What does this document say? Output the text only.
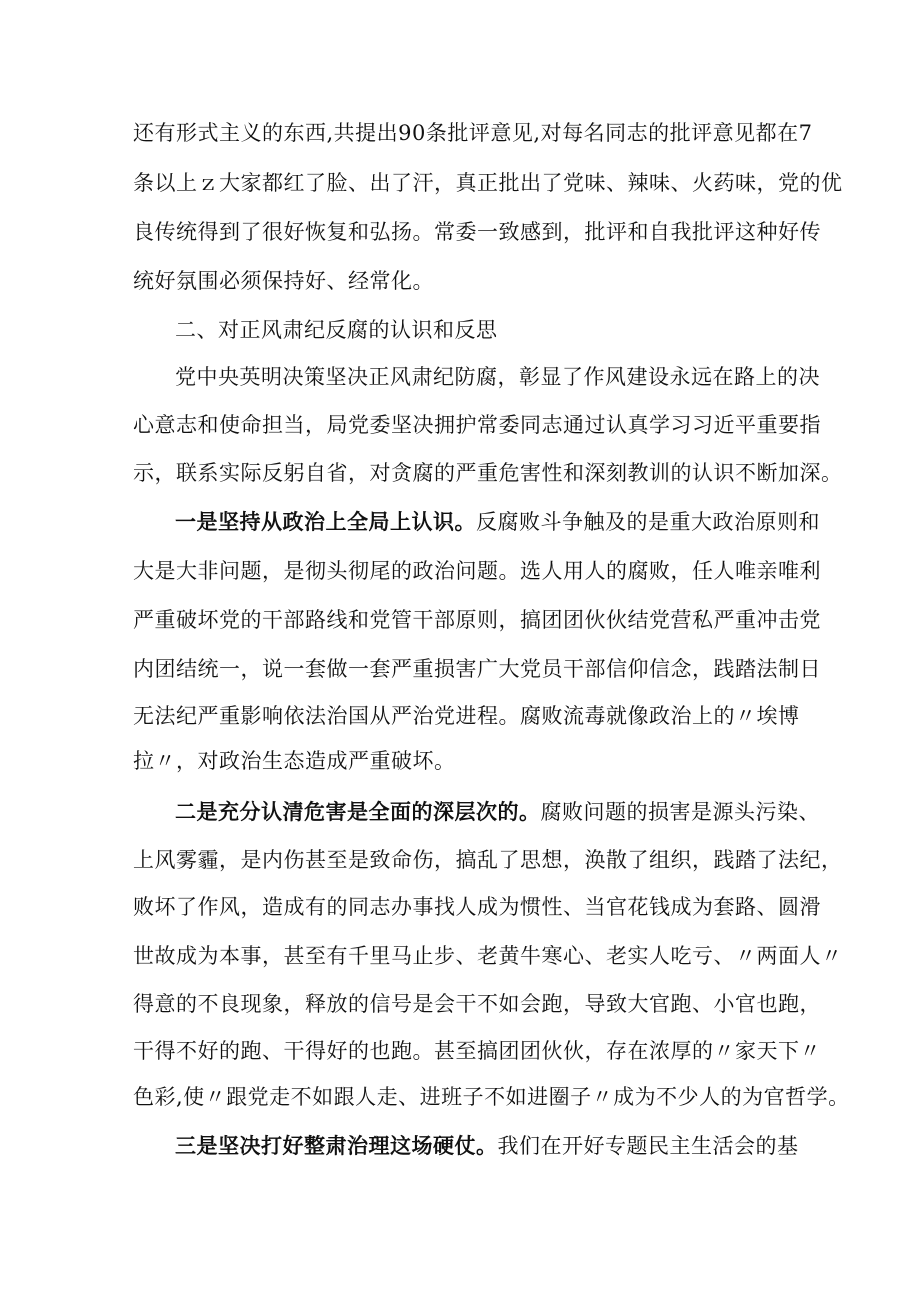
还有形式主义的东西,共提出90条批评意见,对每名同志的批评意见都在7
条以上ｚ大家都红了脸、出了汗，真正批出了党味、辣味、火药味，党的优
良传统得到了很好恢复和弘扬。常委一致感到，批评和自我批评这种好传
统好氛围必须保持好、经常化。
二、对正风肃纪反腐的认识和反思
党中央英明决策坚决正风肃纪防腐，彰显了作风建设永远在路上的决
心意志和使命担当，局党委坚决拥护常委同志通过认真学习习近平重要指
示，联系实际反躬自省，对贪腐的严重危害性和深刻教训的认识不断加深。
一是坚持从政治上全局上认识。反腐败斗争触及的是重大政治原则和
大是大非问题，是彻头彻尾的政治问题。选人用人的腐败，任人唯亲唯利
严重破坏党的干部路线和党管干部原则，搞团团伙伙结党营私严重冲击党
内团结统一，说一套做一套严重损害广大党员干部信仰信念，践踏法制日
无法纪严重影响依法治国从严治党进程。腐败流毒就像政治上的〃埃博
拉〃，对政治生态造成严重破坏。
二是充分认清危害是全面的深层次的。腐败问题的损害是源头污染、
上风雾霾，是内伤甚至是致命伤，搞乱了思想，涣散了组织，践踏了法纪，
败坏了作风，造成有的同志办事找人成为惯性、当官花钱成为套路、圆滑
世故成为本事，甚至有千里马止步、老黄牛寒心、老实人吃亏、〃两面人〃
得意的不良现象，释放的信号是会干不如会跑，导致大官跑、小官也跑，
干得不好的跑、干得好的也跑。甚至搞团团伙伙，存在浓厚的〃家天下〃
色彩,使〃跟党走不如跟人走、进班子不如进圈子〃成为不少人的为官哲学。
三是坚决打好整肃治理这场硬仗。我们在开好专题民主生活会的基
